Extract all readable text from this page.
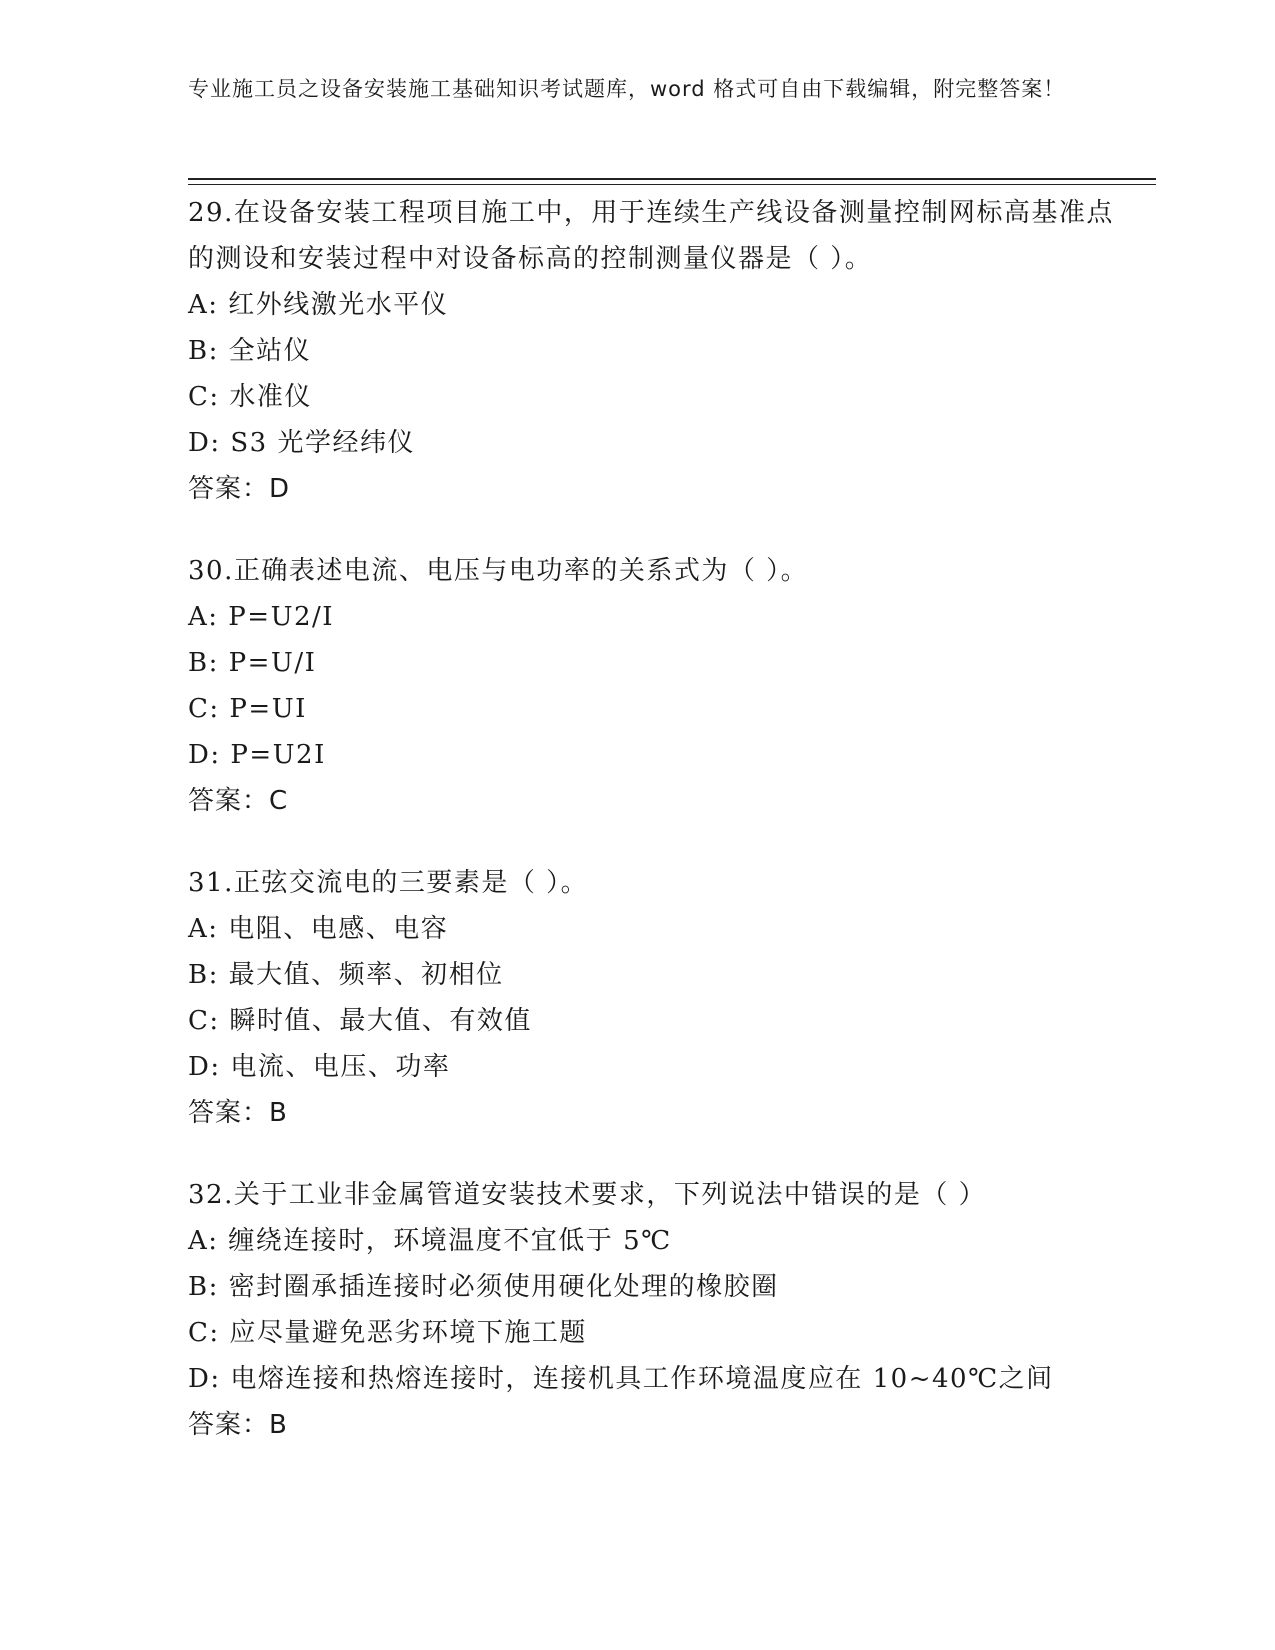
专业施工员之设备安装施工基础知识考试题库，word 格式可自由下载编辑，附完整答案！
29.在设备安装工程项目施工中，用于连续生产线设备测量控制网标高基准点的测设和安装过程中对设备标高的控制测量仪器是（ ）。
A: 红外线激光水平仪
B: 全站仪
C: 水准仪
D: S3 光学经纬仪
答案：D
30.正确表述电流、电压与电功率的关系式为（ ）。
A: P=U2/I
B: P=U/I
C: P=UI
D: P=U2I
答案：C
31.正弦交流电的三要素是（ ）。
A: 电阻、电感、电容
B: 最大值、频率、初相位
C: 瞬时值、最大值、有效值
D: 电流、电压、功率
答案：B
32.关于工业非金属管道安装技术要求，下列说法中错误的是（ ）
A: 缠绕连接时，环境温度不宜低于 5℃
B: 密封圈承插连接时必须使用硬化处理的橡胶圈
C: 应尽量避免恶劣环境下施工题
D: 电熔连接和热熔连接时，连接机具工作环境温度应在 10~40℃之间
答案：B
